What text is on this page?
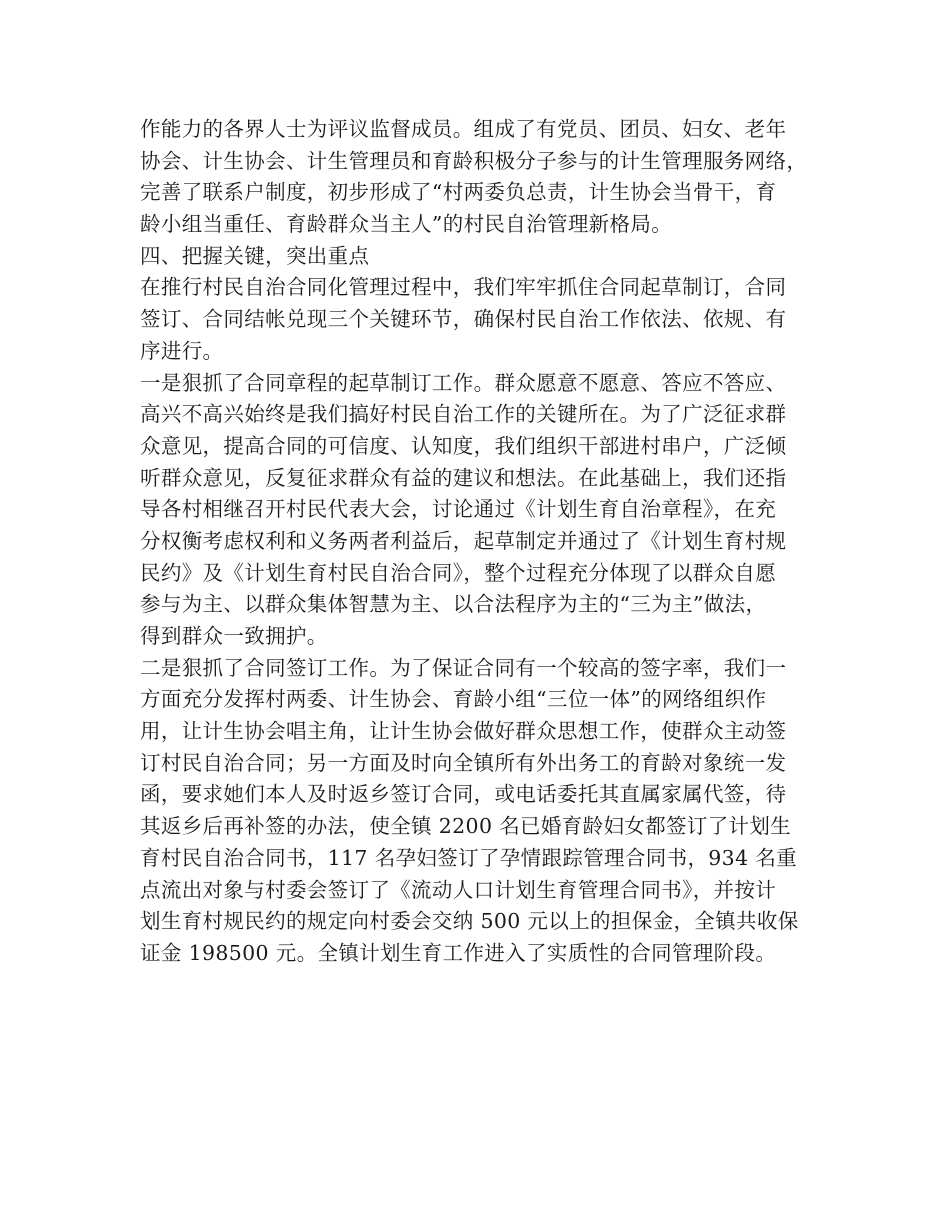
作能力的各界人士为评议监督成员。组成了有党员、团员、妇女、老年
协会、计生协会、计生管理员和育龄积极分子参与的计生管理服务网络，
完善了联系户制度，初步形成了“村两委负总责，计生协会当骨干，育
龄小组当重任、育龄群众当主人”的村民自治管理新格局。
四、把握关键，突出重点
在推行村民自治合同化管理过程中，我们牢牢抓住合同起草制订，合同
签订、合同结帐兑现三个关键环节，确保村民自治工作依法、依规、有
序进行。
一是狠抓了合同章程的起草制订工作。群众愿意不愿意、答应不答应、
高兴不高兴始终是我们搞好村民自治工作的关键所在。为了广泛征求群
众意见，提高合同的可信度、认知度，我们组织干部进村串户，广泛倾
听群众意见，反复征求群众有益的建议和想法。在此基础上，我们还指
导各村相继召开村民代表大会，讨论通过《计划生育自治章程》，在充
分权衡考虑权利和义务两者利益后，起草制定并通过了《计划生育村规
民约》及《计划生育村民自治合同》，整个过程充分体现了以群众自愿
参与为主、以群众集体智慧为主、以合法程序为主的“三为主”做法，
得到群众一致拥护。
二是狠抓了合同签订工作。为了保证合同有一个较高的签字率，我们一
方面充分发挥村两委、计生协会、育龄小组“三位一体”的网络组织作
用，让计生协会唱主角，让计生协会做好群众思想工作，使群众主动签
订村民自治合同；另一方面及时向全镇所有外出务工的育龄对象统一发
函，要求她们本人及时返乡签订合同，或电话委托其直属家属代签，待
其返乡后再补签的办法，使全镇 2200 名已婚育龄妇女都签订了计划生
育村民自治合同书，117 名孕妇签订了孕情跟踪管理合同书，934 名重
点流出对象与村委会签订了《流动人口计划生育管理合同书》，并按计
划生育村规民约的规定向村委会交纳 500 元以上的担保金，全镇共收保
证金 198500 元。全镇计划生育工作进入了实质性的合同管理阶段。
